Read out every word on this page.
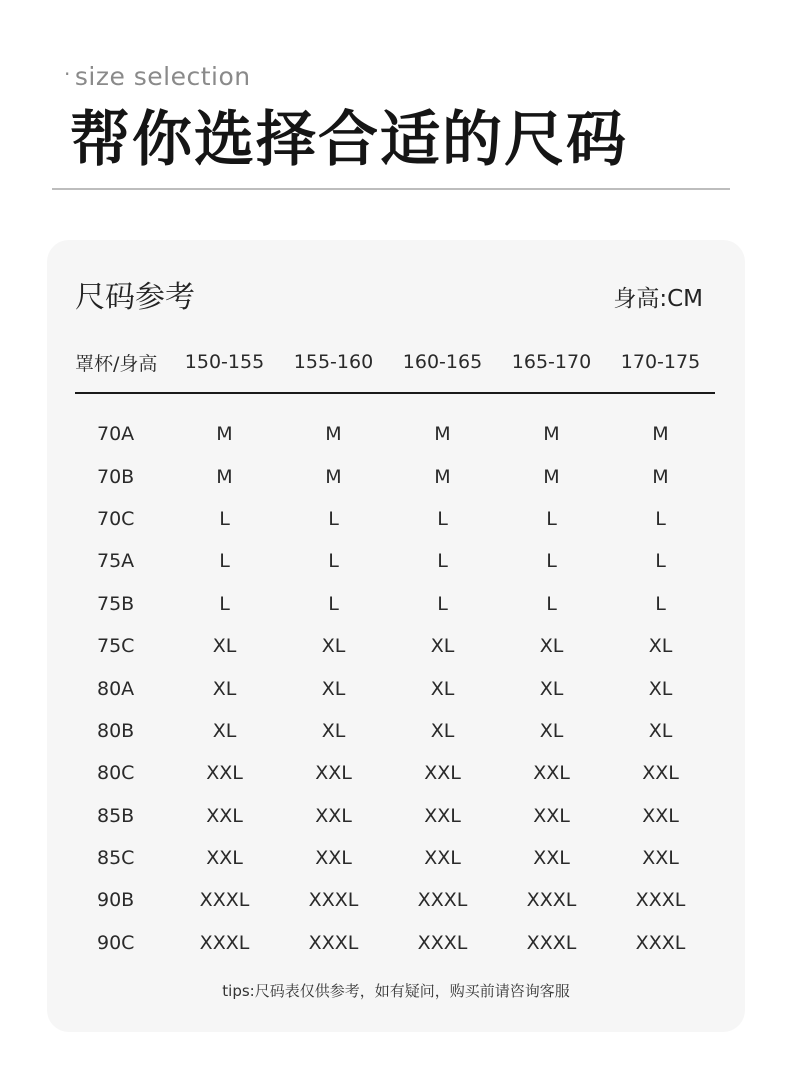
· size selection
帮你选择合适的尺码
尺码参考	身高:CM
罩杯/身高	150-155	155-160	160-165	165-170	170-175
70A	M	M	M	M	M
70B	M	M	M	M	M
70C	L	L	L	L	L
75A	L	L	L	L	L
75B	L	L	L	L	L
75C	XL	XL	XL	XL	XL
80A	XL	XL	XL	XL	XL
80B	XL	XL	XL	XL	XL
80C	XXL	XXL	XXL	XXL	XXL
85B	XXL	XXL	XXL	XXL	XXL
85C	XXL	XXL	XXL	XXL	XXL
90B	XXXL	XXXL	XXXL	XXXL	XXXL
90C	XXXL	XXXL	XXXL	XXXL	XXXL
tips:尺码表仅供参考，如有疑问，购买前请咨询客服
